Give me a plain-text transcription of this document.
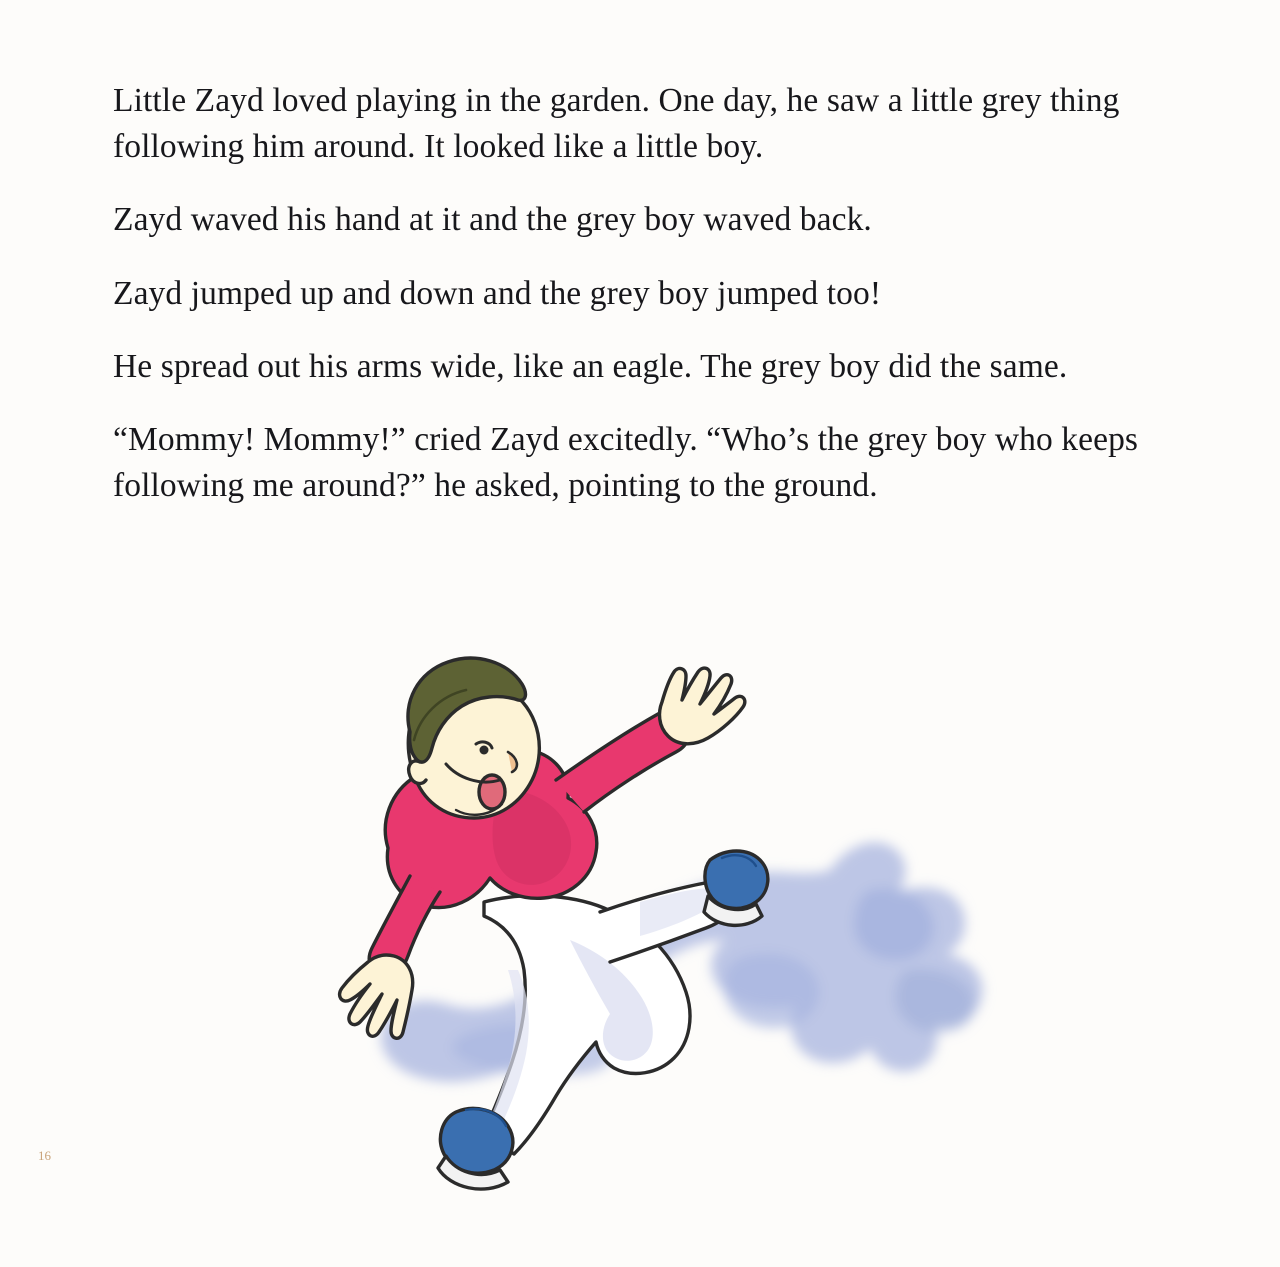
Little Zayd loved playing in the garden. One day, he saw a little grey thing following him around. It looked like a little boy.

Zayd waved his hand at it and the grey boy waved back.

Zayd jumped up and down and the grey boy jumped too!

He spread out his arms wide, like an eagle. The grey boy did the same.

“Mommy! Mommy!” cried Zayd excitedly. “Who’s the grey boy who keeps following me around?” he asked, pointing to the ground.

16
